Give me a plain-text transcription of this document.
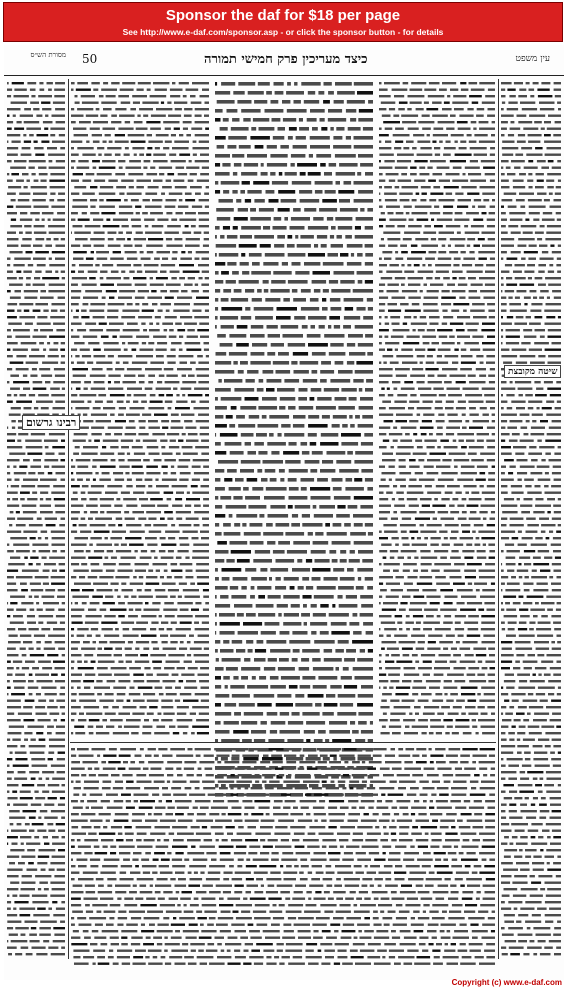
Sponsor the daf for $18 per page
See http://www.e-daf.com/sponsor.asp - or click the sponsor button - for details
מסורת הש״ס 50	כיצד מעריכין פרק חמישי תמורה	עין משפט
רבינו גרשום
שיטה מקובצת
Copyright (c) www.e-daf.com
